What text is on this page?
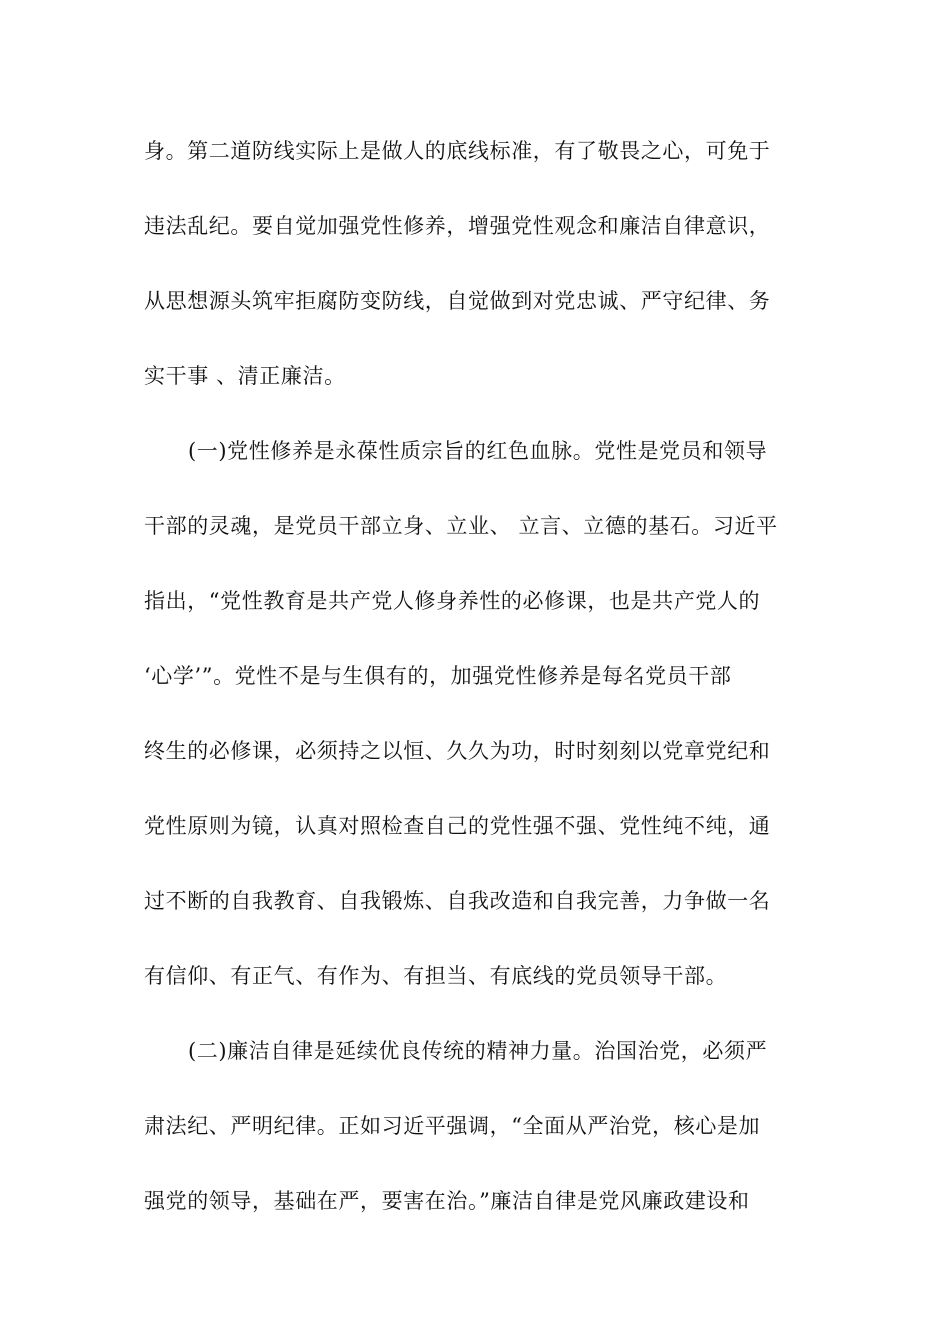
身。第二道防线实际上是做人的底线标准，有了敬畏之心，可免于
违法乱纪。要自觉加强党性修养，增强党性观念和廉洁自律意识，
从思想源头筑牢拒腐防变防线，自觉做到对党忠诚、严守纪律、务
实干事 、清正廉洁。
(一)党性修养是永葆性质宗旨的红色血脉。党性是党员和领导
干部的灵魂，是党员干部立身、立业、 立言、立德的基石。习近平
指出，“党性教育是共产党人修身养性的必修课，也是共产党人的
‘心学’”。党性不是与生俱有的，加强党性修养是每名党员干部
终生的必修课，必须持之以恒、久久为功，时时刻刻以党章党纪和
党性原则为镜，认真对照检查自己的党性强不强、党性纯不纯，通
过不断的自我教育、自我锻炼、自我改造和自我完善，力争做一名
有信仰、有正气、有作为、有担当、有底线的党员领导干部。
(二)廉洁自律是延续优良传统的精神力量。治国治党，必须严
肃法纪、严明纪律。正如习近平强调，“全面从严治党，核心是加
强党的领导，基础在严，要害在治。”廉洁自律是党风廉政建设和
